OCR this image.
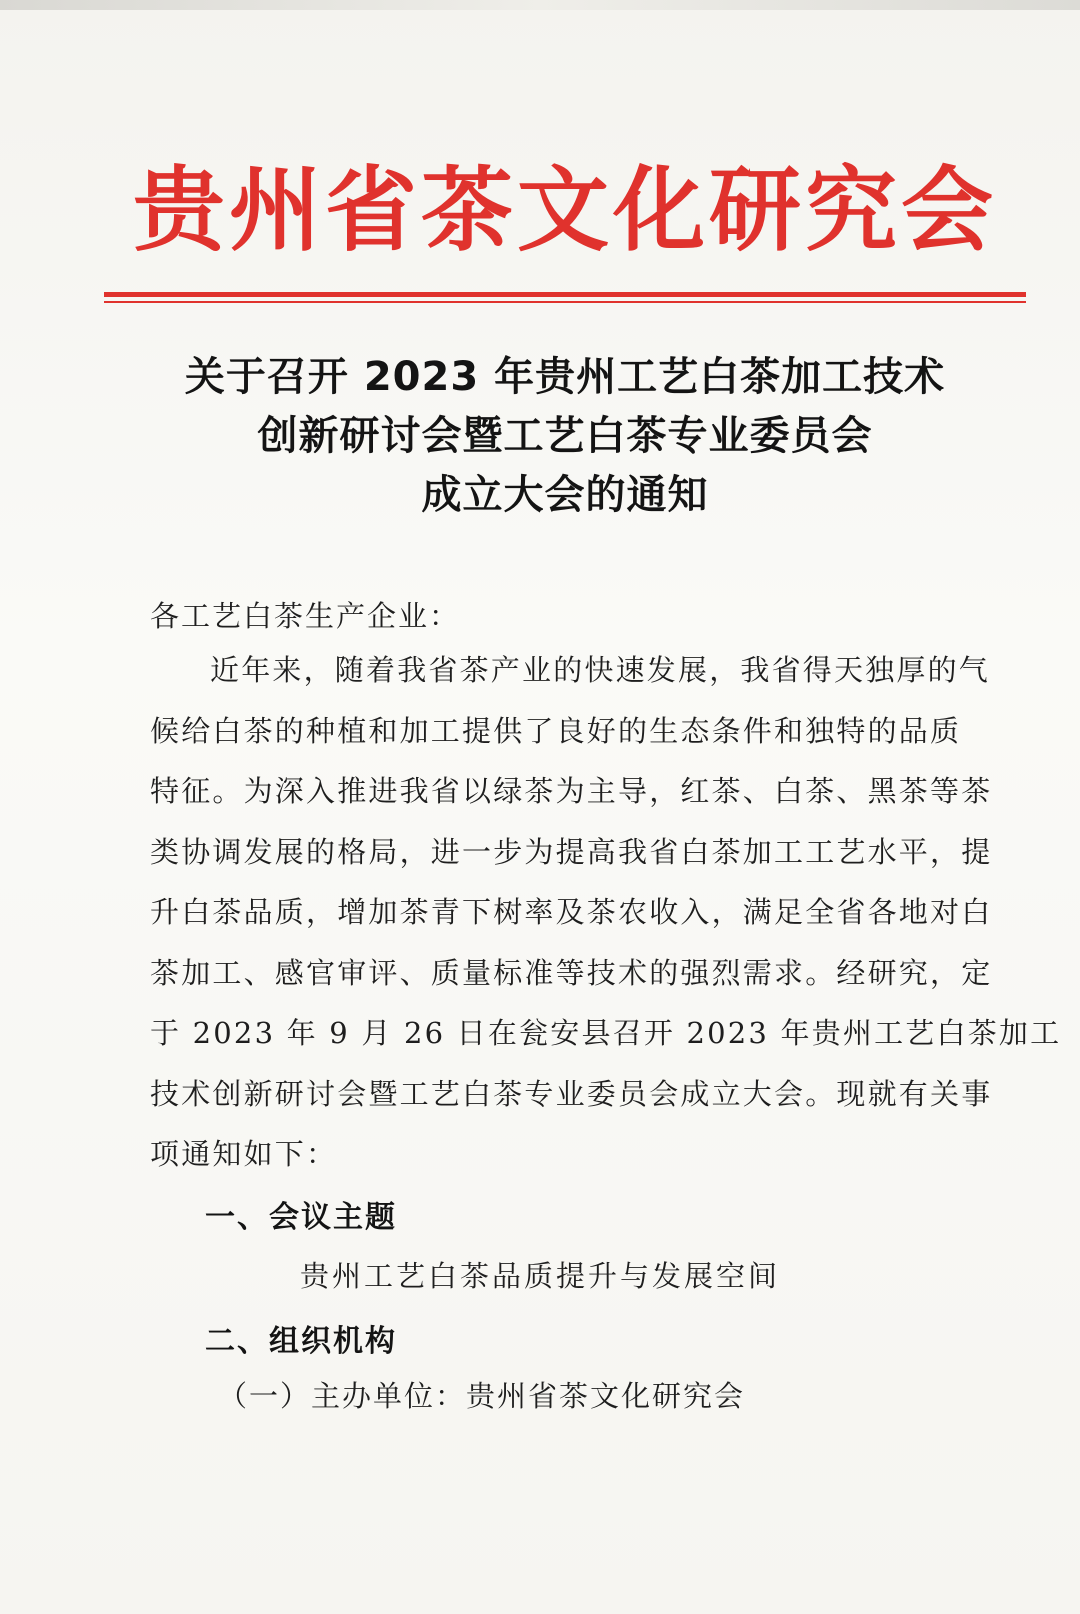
贵州省茶文化研究会
关于召开 2023 年贵州工艺白茶加工技术
创新研讨会暨工艺白茶专业委员会
成立大会的通知
各工艺白茶生产企业：
近年来，随着我省茶产业的快速发展，我省得天独厚的气
候给白茶的种植和加工提供了良好的生态条件和独特的品质
特征。为深入推进我省以绿茶为主导，红茶、白茶、黑茶等茶
类协调发展的格局，进一步为提高我省白茶加工工艺水平，提
升白茶品质，增加茶青下树率及茶农收入，满足全省各地对白
茶加工、感官审评、质量标准等技术的强烈需求。经研究，定
于 2023 年 9 月 26 日在瓮安县召开 2023 年贵州工艺白茶加工
技术创新研讨会暨工艺白茶专业委员会成立大会。现就有关事
项通知如下：
一、会议主题
贵州工艺白茶品质提升与发展空间
二、组织机构
（一）主办单位：贵州省茶文化研究会
